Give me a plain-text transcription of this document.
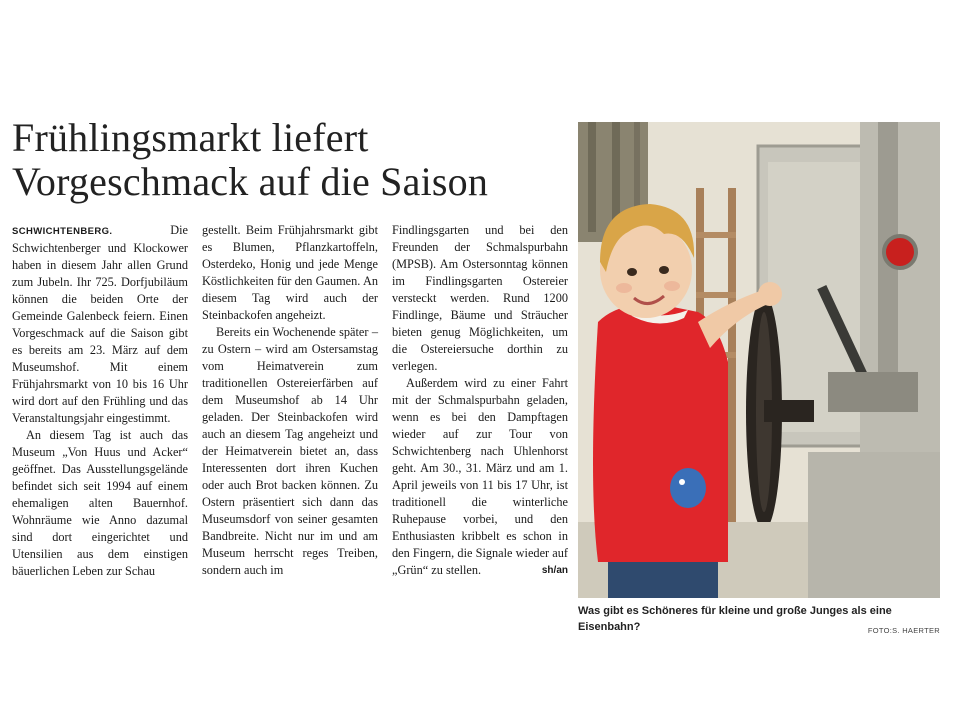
Frühlingsmarkt liefert
Vorgeschmack auf die Saison

SCHWICHTENBERG.	Die Schwichtenberger und Klockower haben in diesem Jahr allen Grund zum Jubeln. Ihr 725. Dorfjubiläum können die beiden Orte der Gemeinde Galenbeck feiern. Einen Vorgeschmack auf die Saison gibt es bereits am 23. März auf dem Museumshof. Mit einem Frühjahrsmarkt von 10 bis 16 Uhr wird dort auf den Frühling und das Veranstaltungsjahr eingestimmt.

An diesem Tag ist auch das Museum „Von Huus und Acker“ geöffnet. Das Ausstellungsgelände befindet sich seit 1994 auf einem ehemaligen alten Bauernhof. Wohnräume wie Anno dazumal sind dort eingerichtet und Utensilien aus dem einstigen bäuerlichen Leben zur Schau

gestellt. Beim Frühjahrsmarkt gibt es Blumen, Pflanzkartoffeln, Osterdeko, Honig und jede Menge Köstlichkeiten für den Gaumen. An diesem Tag wird auch der Steinbackofen angeheizt.

Bereits ein Wochenende später – zu Ostern – wird am Ostersamstag vom Heimatverein zum traditionellen Ostereierfärben auf dem Museumshof ab 14 Uhr geladen. Der Steinbackofen wird auch an diesem Tag angeheizt und der Heimatverein bietet an, dass Interessenten dort ihren Kuchen oder auch Brot backen können. Zu Ostern präsentiert sich dann das Museumsdorf von seiner gesamten Bandbreite. Nicht nur im und am Museum herrscht reges Treiben, sondern auch im

Findlingsgarten und bei den Freunden der Schmalspurbahn (MPSB). Am Ostersonntag können im Findlingsgarten Ostereier versteckt werden. Rund 1200 Findlinge, Bäume und Sträucher bieten genug Möglichkeiten, um die Ostereiersuche dorthin zu verlegen.

Außerdem wird zu einer Fahrt mit der Schmalspurbahn geladen, wenn es bei den Dampftagen wieder auf zur Tour von Schwichtenberg nach Uhlenhorst geht. Am 30., 31. März und am 1. April jeweils von 11 bis 17 Uhr, ist traditionell die winterliche Ruhepause vorbei, und den Enthusiasten kribbelt es schon in den Fingern, die Signale wieder auf „Grün“ zu stellen.	sh/an

Was gibt es Schöneres für kleine und große Junges als eine Eisenbahn?	FOTO:S. HAERTER
